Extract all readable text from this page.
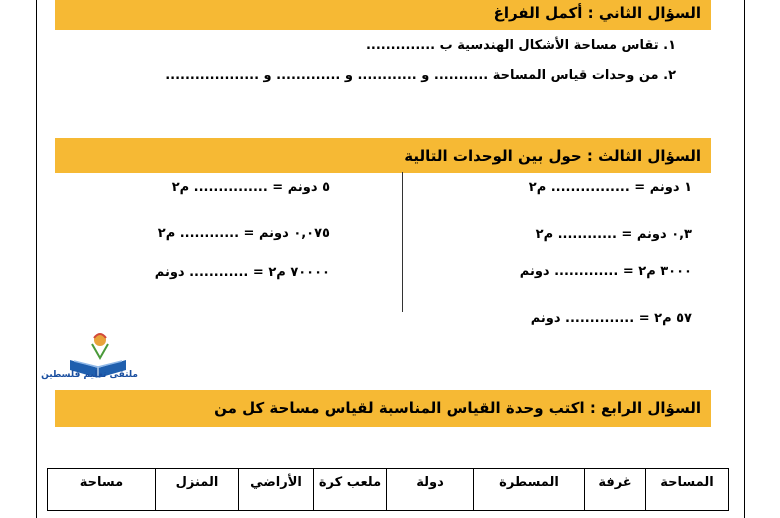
السؤال الثاني : أكمل الفراغ
١. تقاس مساحة الأشكال الهندسية ب ..............
٢. من وحدات قياس المساحة ........... و ............ و ............. و ...................
السؤال الثالث : حول بين الوحدات التالية
١ دونم = ................ م٢
٠,٣ دونم = ............ م٢
٣٠٠٠ م٢ = ............. دونم
٥٧ م٢ = .............. دونم
٥ دونم = ............... م٢
٠,٠٧٥ دونم = ............ م٢
٧٠٠٠٠ م٢ = ............ دونم
ملتقى تعليم فلسطين
السؤال الرابع : اكتب وحدة القياس المناسبة لقياس مساحة كل من
المساحة	غرفة	المسطرة	دولة	ملعب كرة	الأراضي	المنزل	مساحة
